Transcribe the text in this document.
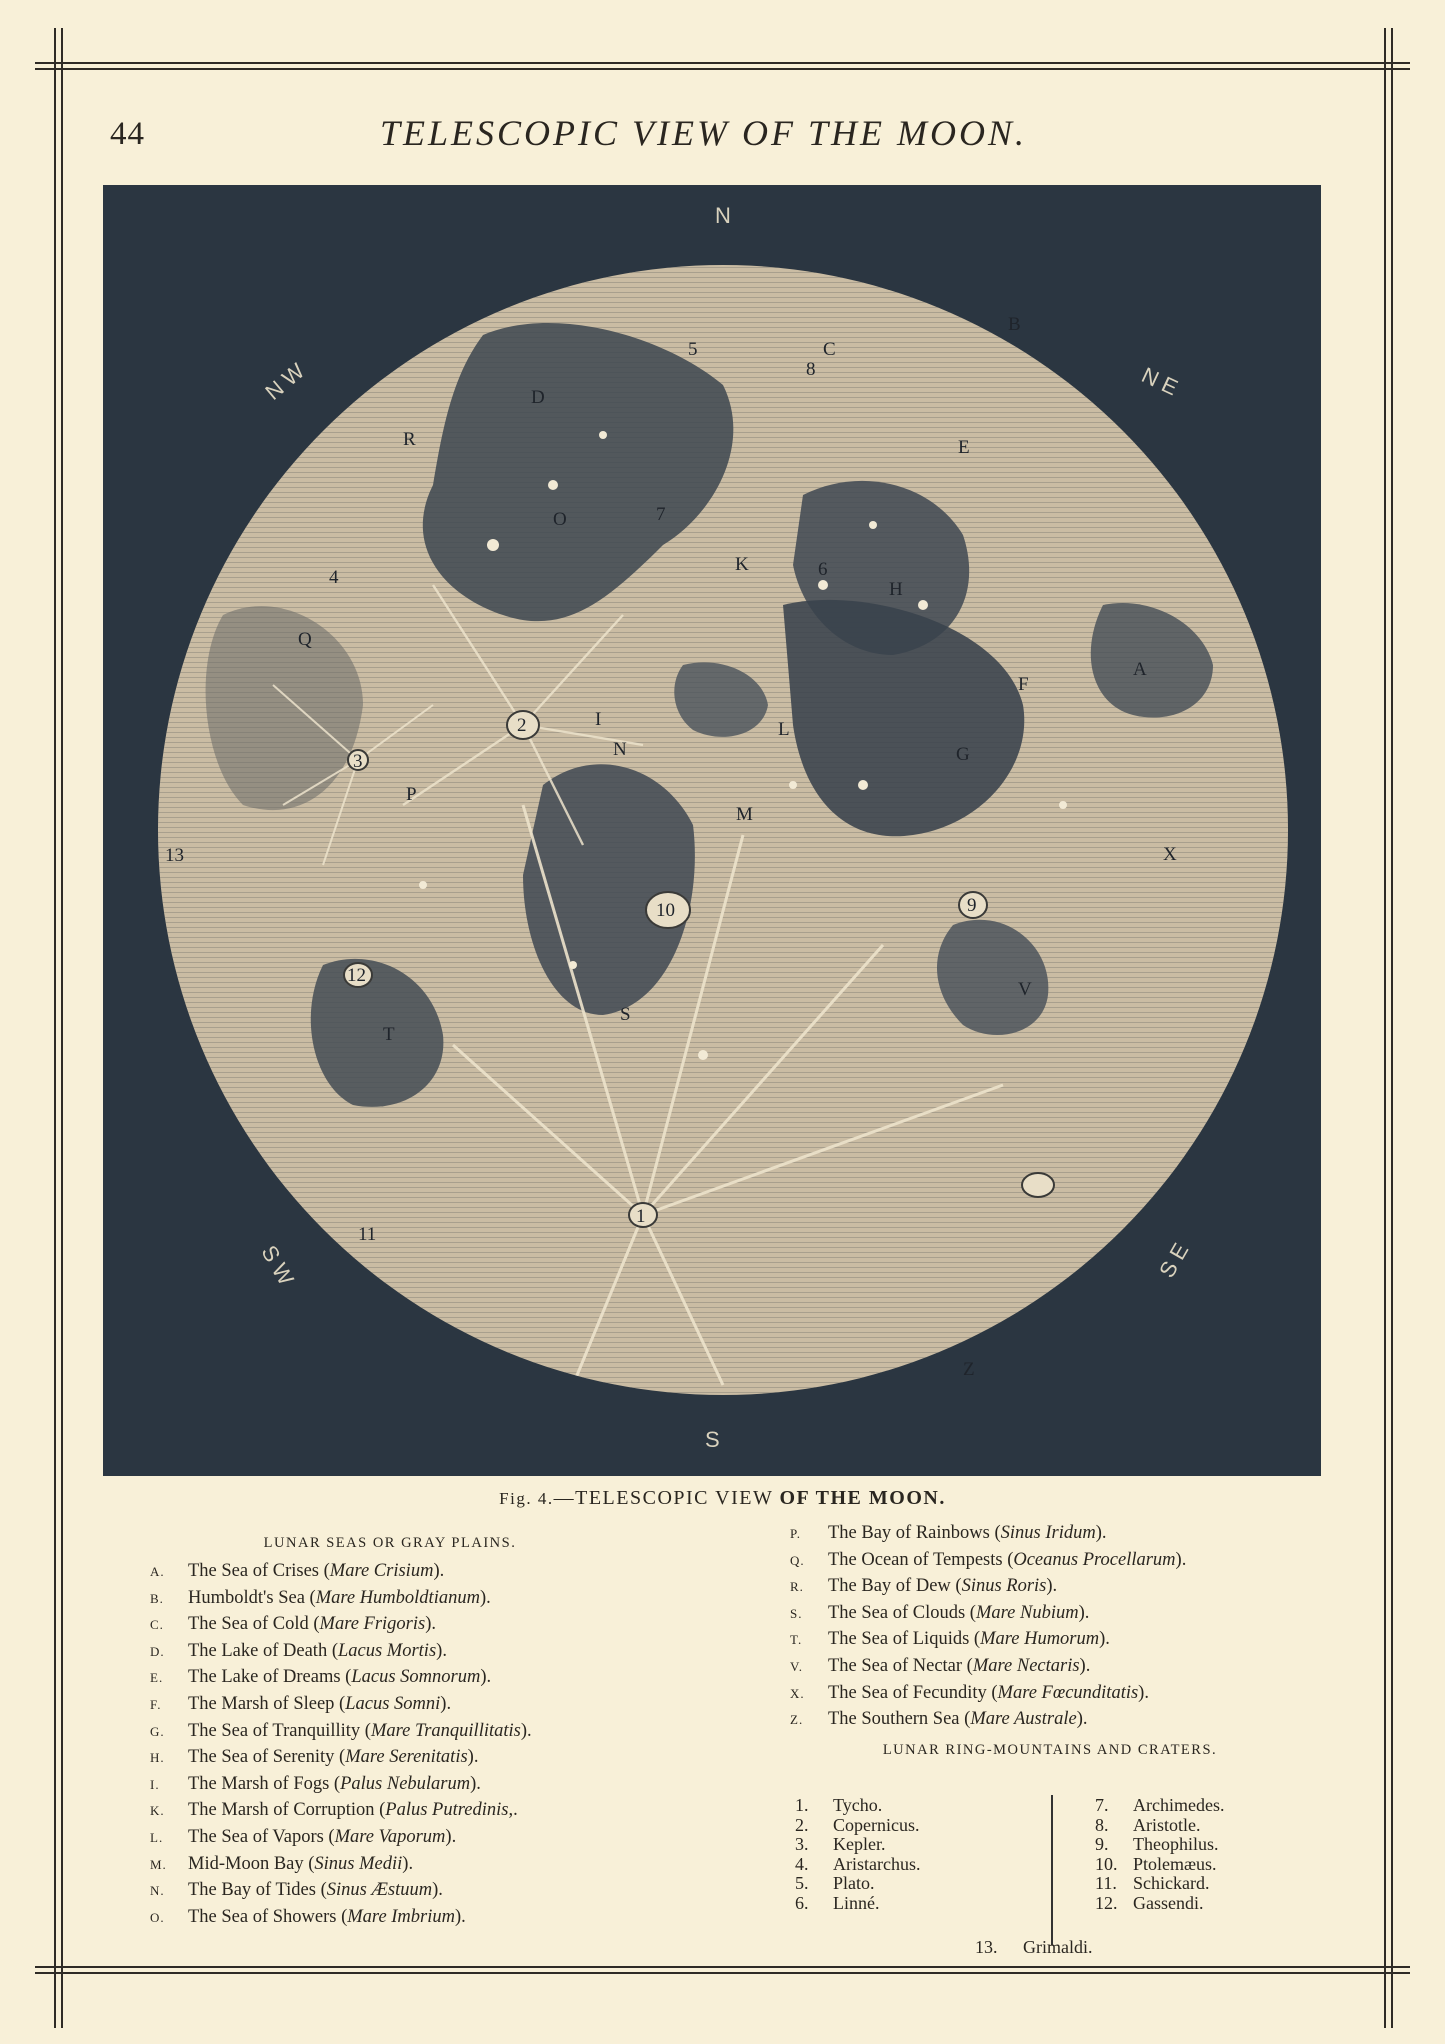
44	TELESCOPIC VIEW OF THE MOON.
A
B
C
D
E
F
G
H
I
K
L
M
N
O
P
Q
R
S
T
V
X
Z
1
2
3
4
5
6
7
8
9
10
11
12
13
N
NE
NW
S
SE
SW
Fig. 4.—TELESCOPIC VIEW OF THE MOON.
LUNAR SEAS OR GRAY PLAINS.
A. The Sea of Crises (Mare Crisium).
B. Humboldt's Sea (Mare Humboldtianum).
C. The Sea of Cold (Mare Frigoris).
D. The Lake of Death (Lacus Mortis).
E. The Lake of Dreams (Lacus Somnorum).
F. The Marsh of Sleep (Lacus Somni).
G. The Sea of Tranquillity (Mare Tranquillitatis).
H. The Sea of Serenity (Mare Serenitatis).
I. The Marsh of Fogs (Palus Nebularum).
K. The Marsh of Corruption (Palus Putredinis,.
L. The Sea of Vapors (Mare Vaporum).
M. Mid-Moon Bay (Sinus Medii).
N. The Bay of Tides (Sinus Æstuum).
O. The Sea of Showers (Mare Imbrium).
P. The Bay of Rainbows (Sinus Iridum).
Q. The Ocean of Tempests (Oceanus Procellarum).
R. The Bay of Dew (Sinus Roris).
S. The Sea of Clouds (Mare Nubium).
T. The Sea of Liquids (Mare Humorum).
V. The Sea of Nectar (Mare Nectaris).
X. The Sea of Fecundity (Mare Fœcunditatis).
Z. The Southern Sea (Mare Australe).
LUNAR RING-MOUNTAINS AND CRATERS.
1. Tycho.
2. Copernicus.
3. Kepler.
4. Aristarchus.
5. Plato.
6. Linné.
7. Archimedes.
8. Aristotle.
9. Theophilus.
10. Ptolemæus.
11. Schickard.
12. Gassendi.
13. Grimaldi.
